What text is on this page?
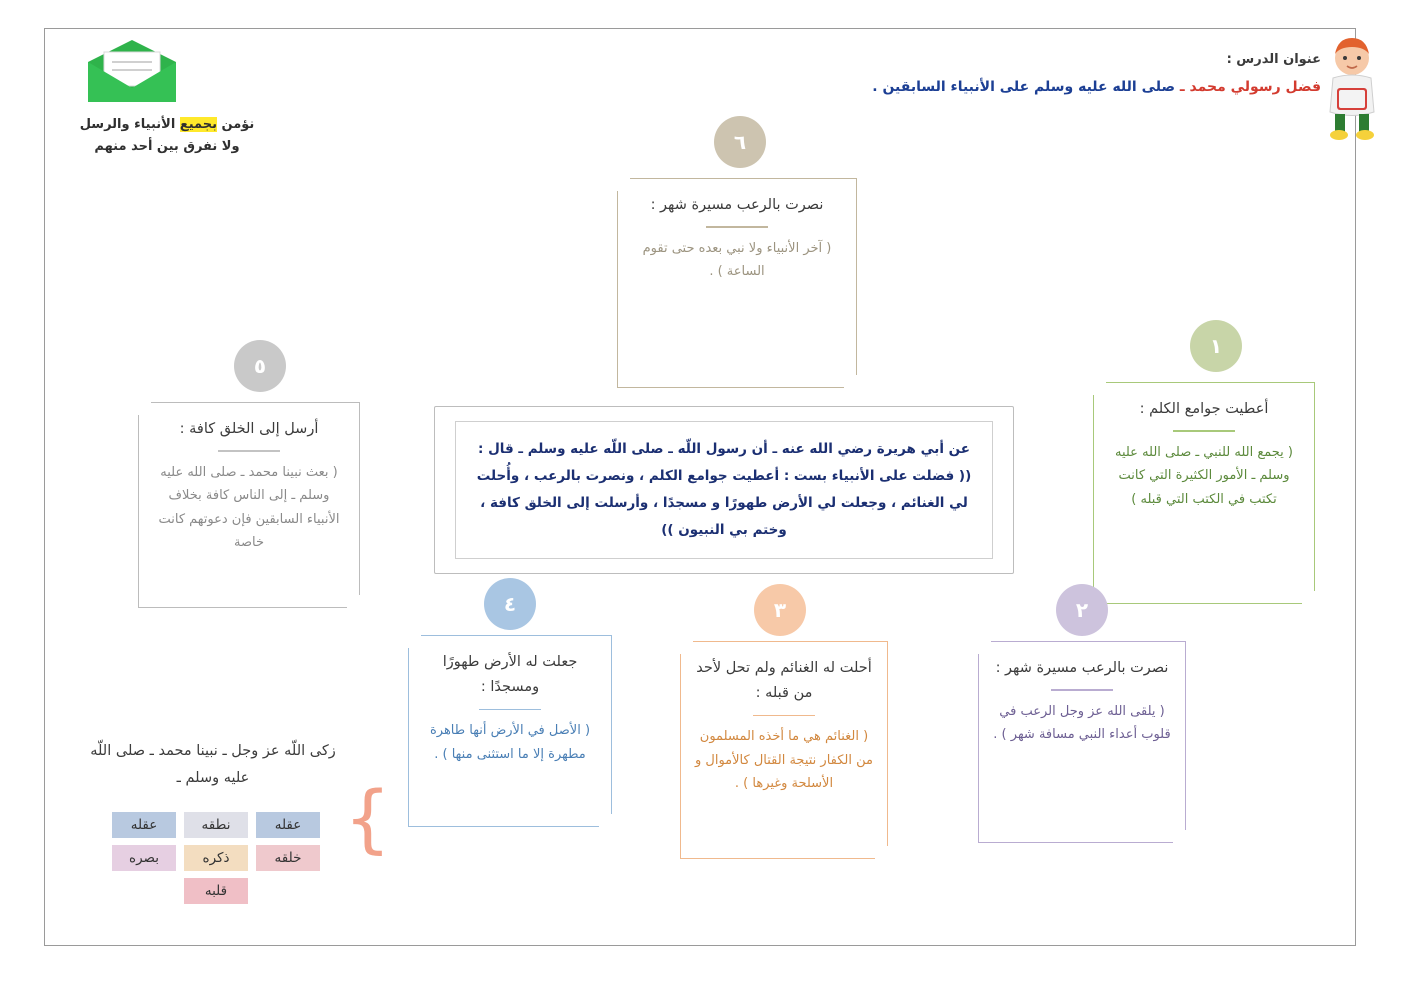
عنوان الدرس :
فضل رسولي محمد ـ صلى الله عليه وسلم على الأنبياء السابقين .
نؤمن بجميع الأنبياء والرسل
ولا نفرق بين أحد منهم
عن أبي هريرة رضي الله عنه ـ أن رسول اللّه ـ صلى اللّه عليه وسلم ـ قال : (( فضلت على الأنبياء بست : أعطيت جوامع الكلم ، ونصرت بالرعب ، وأُحلت لي الغنائم ، وجعلت لي الأرض طهورًا و مسجدًا ، وأرسلت إلى الخلق كافة ، وختم بي النبيون ))
٦
نصرت بالرعب مسيرة شهر :
( آخر الأنبياء ولا نبي بعده حتى تقوم الساعة ) .
٥
أرسل إلى الخلق كافة :
( بعث نبينا محمد ـ صلى الله عليه وسلم ـ إلى الناس كافة بخلاف الأنبياء السابقين فإن دعوتهم كانت خاصة
١
أعطيت جوامع الكلم :
( يجمع الله للنبي ـ صلى الله عليه وسلم ـ الأمور الكثيرة التي كانت تكتب في الكتب التي قبله )
٤
جعلت له الأرض طهورًا ومسجدًا :
( الأصل في الأرض أنها طاهرة مطهرة إلا ما استثنى منها ) .
٣
أحلت له الغنائم ولم تحل لأحد من قبله :
( الغنائم هي ما أخذه المسلمون من الكفار نتيجة القتال كالأموال و الأسلحة وغيرها ) .
٢
نصرت بالرعب مسيرة شهر :
( يلقى الله عز وجل الرعب في قلوب أعداء النبي مسافة شهر ) .
زكى اللّه عز وجل ـ نبينا محمد ـ صلى اللّه عليه وسلم ـ	}
عقله
نطقه
عقله
خلقه
ذكره
بصره
قلبه
